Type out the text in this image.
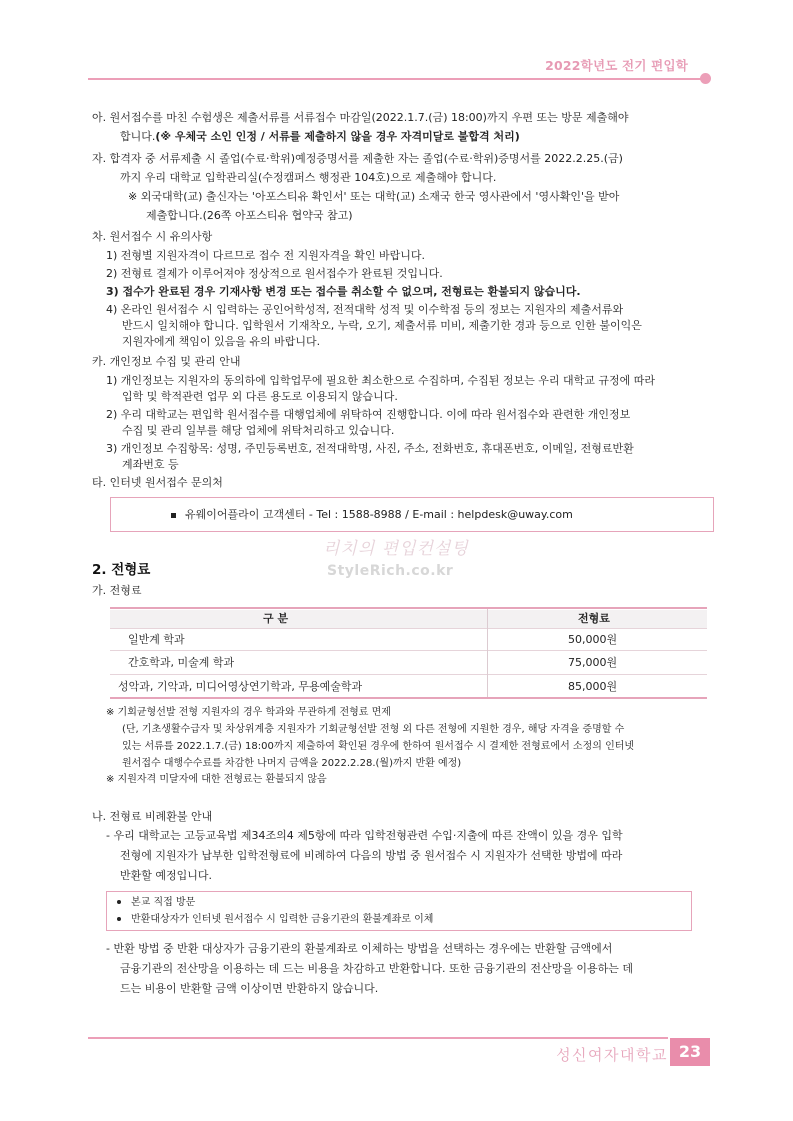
2022학년도 전기 편입학
아. 원서접수를 마친 수험생은 제출서류를 서류접수 마감일(2022.1.7.(금) 18:00)까지 우편 또는 방문 제출해야
합니다.(※ 우체국 소인 인정 / 서류를 제출하지 않을 경우 자격미달로 불합격 처리)
자. 합격자 중 서류제출 시 졸업(수료·학위)예정증명서를 제출한 자는 졸업(수료·학위)증명서를 2022.2.25.(금)
까지 우리 대학교 입학관리실(수정캠퍼스 행정관 104호)으로 제출해야 합니다.
※ 외국대학(교) 출신자는 '아포스티유 확인서' 또는 대학(교) 소재국 한국 영사관에서 '영사확인'을 받아
제출합니다.(26쪽 아포스티유 협약국 참고)
차. 원서접수 시 유의사항
1) 전형별 지원자격이 다르므로 접수 전 지원자격을 확인 바랍니다.
2) 전형료 결제가 이루어져야 정상적으로 원서접수가 완료된 것입니다.
3) 접수가 완료된 경우 기재사항 변경 또는 접수를 취소할 수 없으며, 전형료는 환불되지 않습니다.
4) 온라인 원서접수 시 입력하는 공인어학성적, 전적대학 성적 및 이수학점 등의 정보는 지원자의 제출서류와
반드시 일치해야 합니다. 입학원서 기재착오, 누락, 오기, 제출서류 미비, 제출기한 경과 등으로 인한 불이익은
지원자에게 책임이 있음을 유의 바랍니다.
카. 개인정보 수집 및 관리 안내
1) 개인정보는 지원자의 동의하에 입학업무에 필요한 최소한으로 수집하며, 수집된 정보는 우리 대학교 규정에 따라
입학 및 학적관련 업무 외 다른 용도로 이용되지 않습니다.
2) 우리 대학교는 편입학 원서접수를 대행업체에 위탁하여 진행합니다. 이에 따라 원서접수와 관련한 개인정보
수집 및 관리 일부를 해당 업체에 위탁처리하고 있습니다.
3) 개인정보 수집항목: 성명, 주민등록번호, 전적대학명, 사진, 주소, 전화번호, 휴대폰번호, 이메일, 전형료반환
계좌번호 등
타. 인터넷 원서접수 문의처
유웨이어플라이 고객센터 - Tel : 1588-8988 / E-mail : helpdesk@uway.com
리치의 편입컨설팅
StyleRich.co.kr
2. 전형료
가. 전형료
구 분	전형료
일반계 학과	50,000원
간호학과, 미술계 학과	75,000원
성악과, 기악과, 미디어영상연기학과, 무용예술학과	85,000원
※ 기회균형선발 전형 지원자의 경우 학과와 무관하게 전형료 면제
(단, 기초생활수급자 및 차상위계층 지원자가 기회균형선발 전형 외 다른 전형에 지원한 경우, 해당 자격을 증명할 수
있는 서류를 2022.1.7.(금) 18:00까지 제출하여 확인된 경우에 한하여 원서접수 시 결제한 전형료에서 소정의 인터넷
원서접수 대행수수료를 차감한 나머지 금액을 2022.2.28.(월)까지 반환 예정)
※ 지원자격 미달자에 대한 전형료는 환불되지 않음
나. 전형료 비례환불 안내
- 우리 대학교는 고등교육법 제34조의4 제5항에 따라 입학전형관련 수입·지출에 따른 잔액이 있을 경우 입학
전형에 지원자가 납부한 입학전형료에 비례하여 다음의 방법 중 원서접수 시 지원자가 선택한 방법에 따라
반환할 예정입니다.
본교 직접 방문
반환대상자가 인터넷 원서접수 시 입력한 금융기관의 환불계좌로 이체
- 반환 방법 중 반환 대상자가 금융기관의 환불계좌로 이체하는 방법을 선택하는 경우에는 반환할 금액에서
금융기관의 전산망을 이용하는 데 드는 비용을 차감하고 반환합니다. 또한 금융기관의 전산망을 이용하는 데
드는 비용이 반환할 금액 이상이면 반환하지 않습니다.
성신여자대학교 23
